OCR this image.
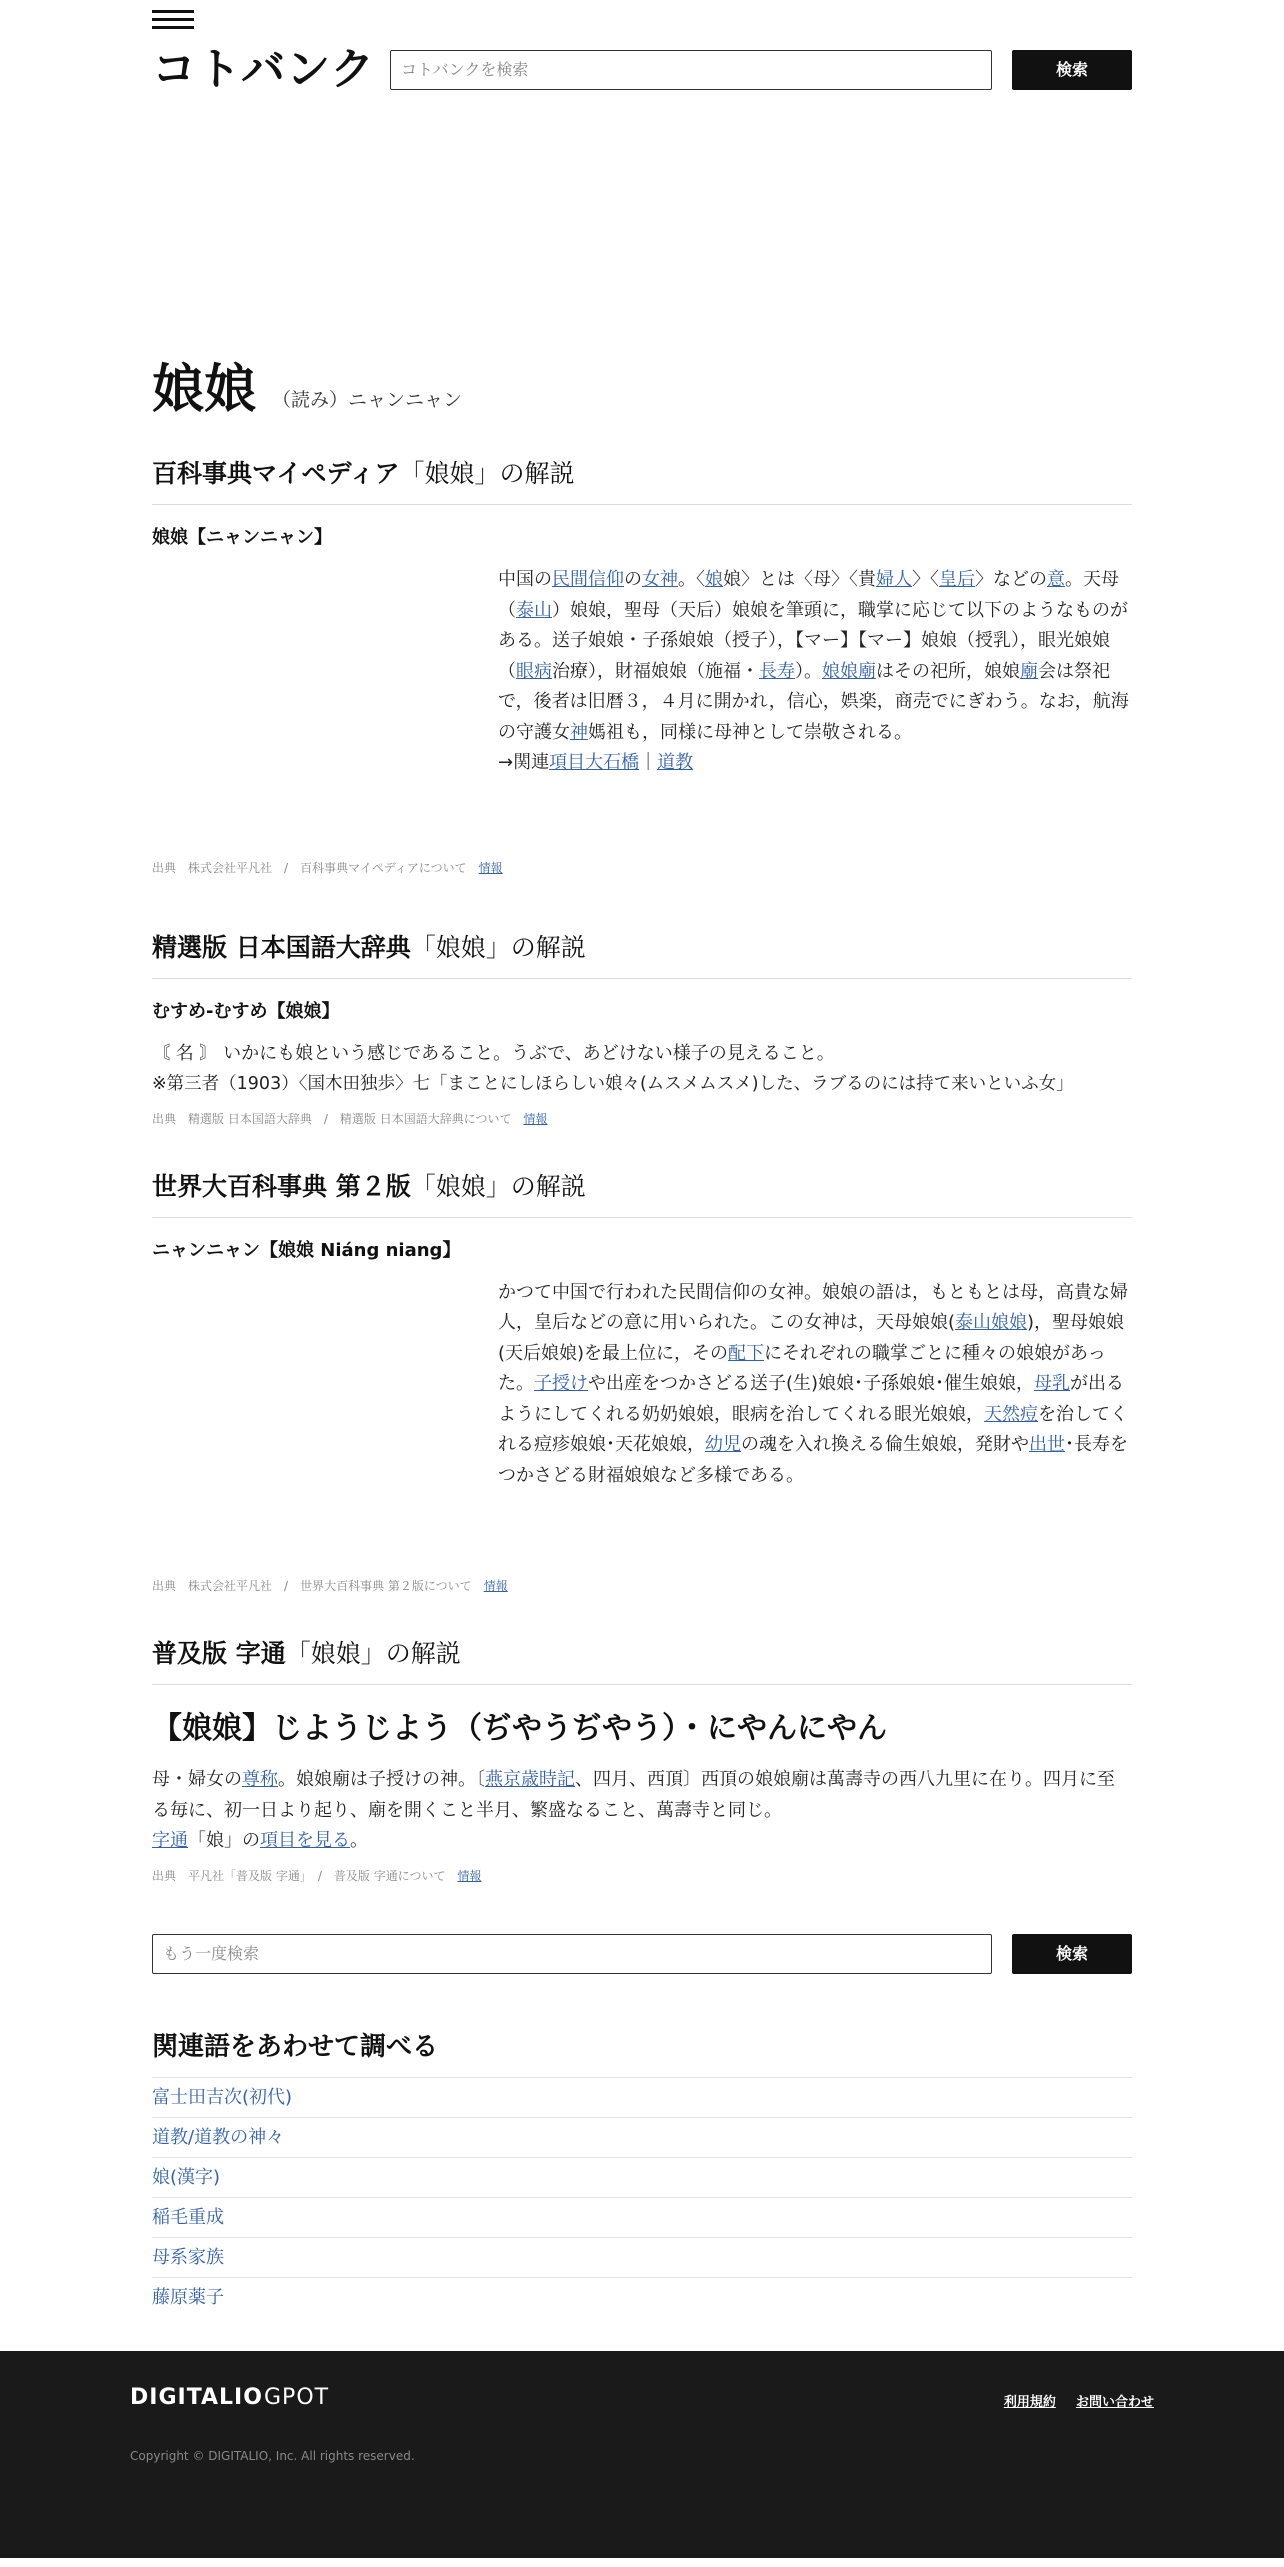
コトバンク	コトバンクを検索	検索
娘娘 （読み）ニャンニャン
百科事典マイペディア「娘娘」の解説
娘娘【ニャンニャン】
中国の民間信仰の女神。〈娘娘〉とは〈母〉〈貴婦人〉〈皇后〉などの意。天母（泰山）娘娘，聖母（天后）娘娘を筆頭に，職掌に応じて以下のようなものがある。送子娘娘・子孫娘娘（授子），【マー】【マー】娘娘（授乳），眼光娘娘（眼病治療），財福娘娘（施福・長寿）。娘娘廟はその祀所，娘娘廟会は祭祀で，後者は旧暦３，４月に開かれ，信心，娯楽，商売でにぎわう。なお，航海の守護女神媽祖も，同様に母神として崇敬される。
→関連項目大石橋｜道教
出典　 株式会社平凡社　/　百科事典マイペディアについて　 情報
精選版 日本国語大辞典「娘娘」の解説
むすめ‐むすめ【娘娘】
〘 名 〙 いかにも娘という感じであること。うぶで、あどけない様子の見えること。
※第三者（1903）〈国木田独歩〉七「まことにしほらしい娘々(ムスメムスメ)した、ラブるのには持て来いといふ女」
出典　 精選版 日本国語大辞典　/　精選版 日本国語大辞典について　 情報
世界大百科事典 第２版「娘娘」の解説
ニャンニャン【娘娘 Niáng niang】
かつて中国で行われた民間信仰の女神。娘娘の語は，もともとは母，高貴な婦人，皇后などの意に用いられた。この女神は，天母娘娘(泰山娘娘)，聖母娘娘(天后娘娘)を最上位に，その配下にそれぞれの職掌ごとに種々の娘娘があった。子授けや出産をつかさどる送子(生)娘娘･子孫娘娘･催生娘娘，母乳が出るようにしてくれる奶奶娘娘，眼病を治してくれる眼光娘娘，天然痘を治してくれる痘疹娘娘･天花娘娘，幼児の魂を入れ換える倫生娘娘，発財や出世･長寿をつかさどる財福娘娘など多様である。
出典　 株式会社平凡社　/　世界大百科事典 第２版について　 情報
普及版 字通「娘娘」の解説
【娘娘】じようじよう（ぢやうぢやう）・にやんにやん
母・婦女の尊称。娘娘廟は子授けの神。〔燕京歳時記、四月、西頂〕西頂の娘娘廟は萬壽寺の西八九里に在り。四月に至る毎に、初一日より起り、廟を開くこと半月、繁盛なること、萬壽寺と同じ。
字通「娘」の項目を見る。
出典　 平凡社「普及版 字通」　/　普及版 字通について　 情報
もう一度検索	検索
関連語をあわせて調べる
富士田吉次(初代)
道教/道教の神々
娘(漢字)
稲毛重成
母系家族
藤原薬子
DIGITALIO GPOT	利用規約 お問い合わせ
Copyright © DIGITALIO, Inc. All rights reserved.
